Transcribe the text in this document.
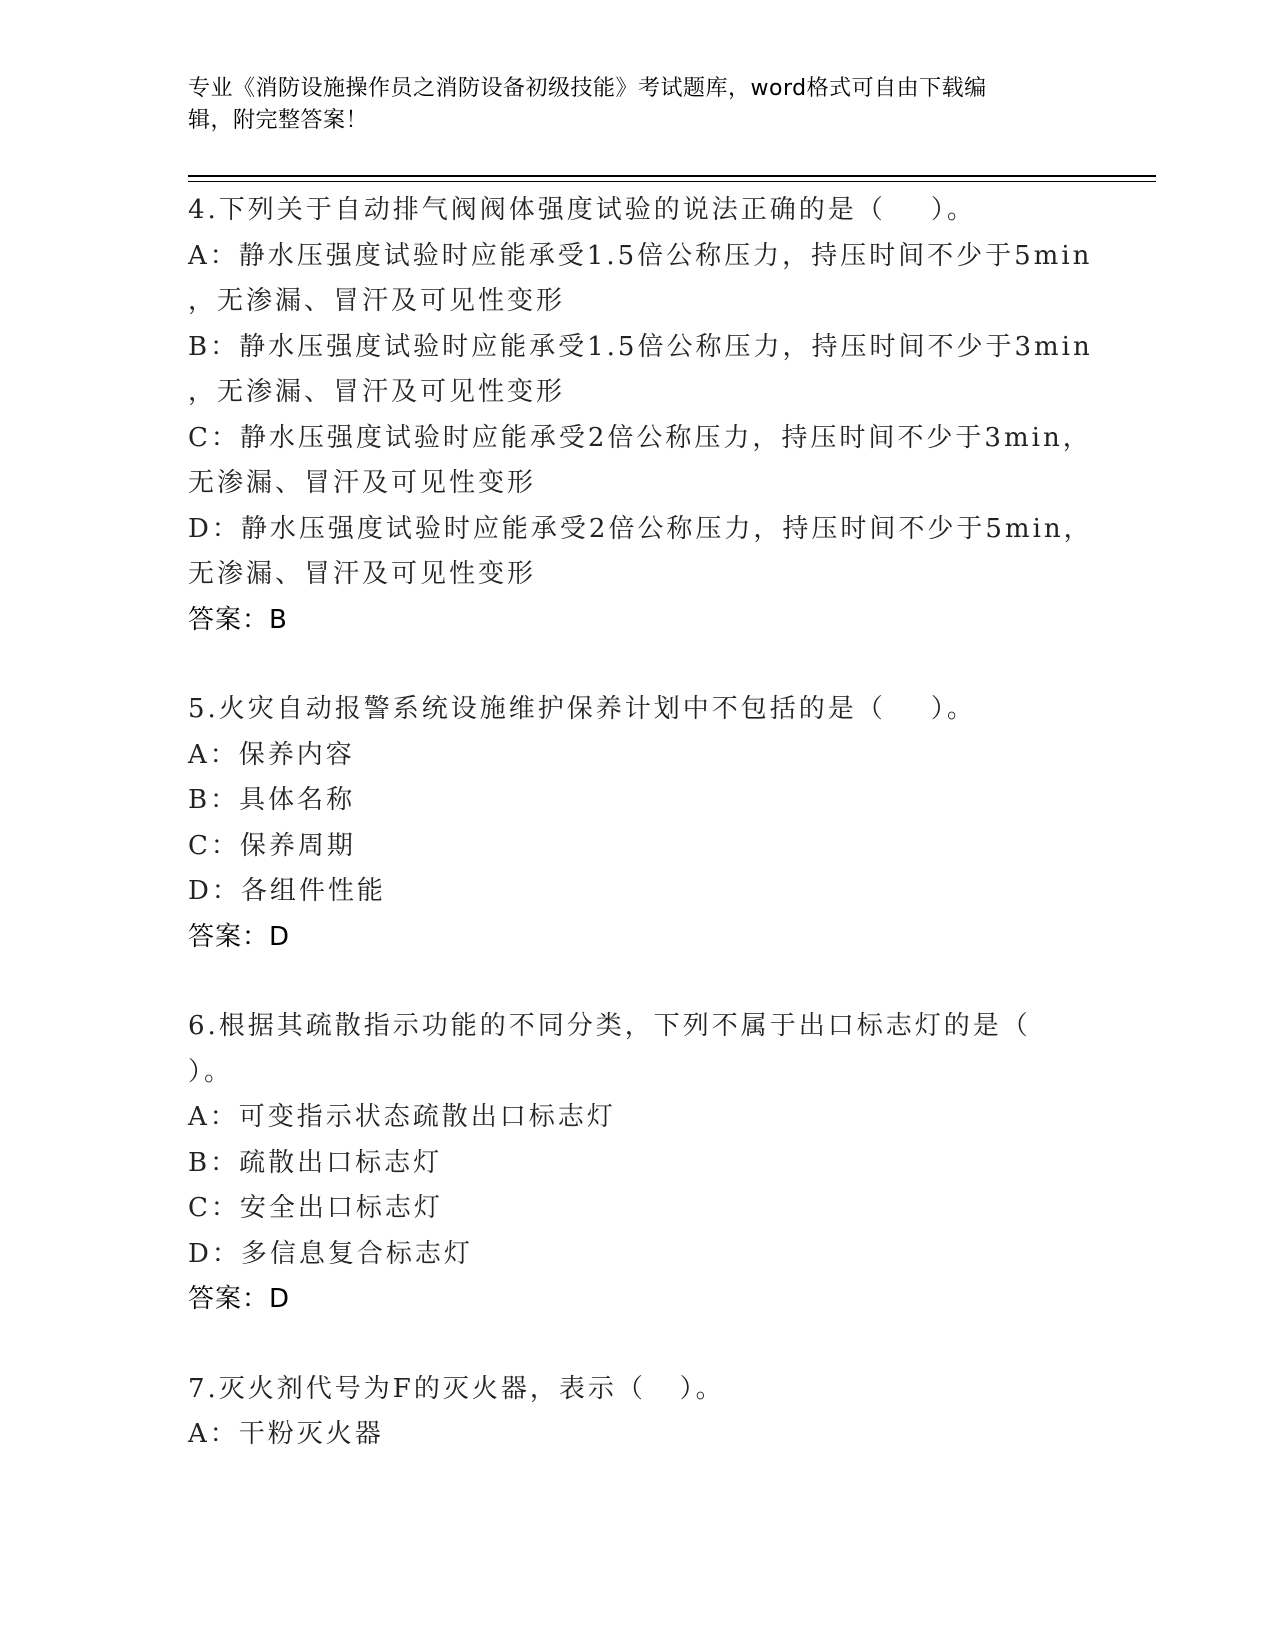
专业《消防设施操作员之消防设备初级技能》考试题库，word格式可自由下载编
辑，附完整答案！
4.下列关于自动排气阀阀体强度试验的说法正确的是（    ）。
A：静水压强度试验时应能承受1.5倍公称压力，持压时间不少于5min
，无渗漏、冒汗及可见性变形
B：静水压强度试验时应能承受1.5倍公称压力，持压时间不少于3min
，无渗漏、冒汗及可见性变形
C：静水压强度试验时应能承受2倍公称压力，持压时间不少于3min，
无渗漏、冒汗及可见性变形
D：静水压强度试验时应能承受2倍公称压力，持压时间不少于5min，
无渗漏、冒汗及可见性变形
答案：B
5.火灾自动报警系统设施维护保养计划中不包括的是（    ）。
A：保养内容
B：具体名称
C：保养周期
D：各组件性能
答案：D
6.根据其疏散指示功能的不同分类，下列不属于出口标志灯的是（
）。
A：可变指示状态疏散出口标志灯
B：疏散出口标志灯
C：安全出口标志灯
D：多信息复合标志灯
答案：D
7.灭火剂代号为F的灭火器，表示（   ）。
A：干粉灭火器
